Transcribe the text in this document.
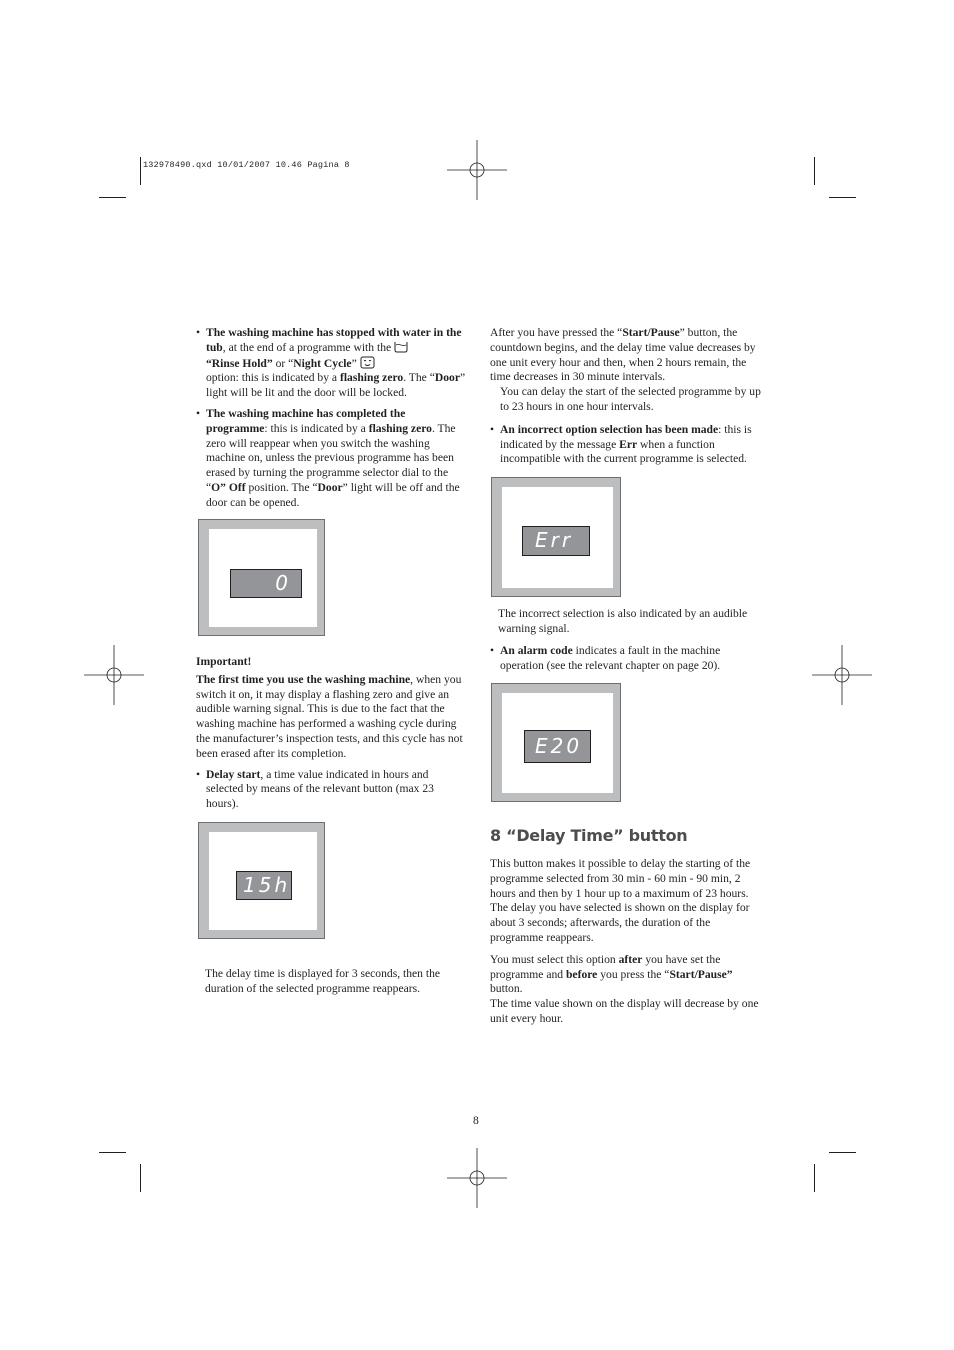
132978490.qxd 10/01/2007 10.46 Pagina 8
• The washing machine has stopped with water in the tub, at the end of a programme with the
“Rinse Hold” or “Night Cycle”
option: this is indicated by a flashing zero. The “Door” light will be lit and the door will be locked.
• The washing machine has completed the programme: this is indicated by a flashing zero. The zero will reappear when you switch the washing machine on, unless the previous programme has been erased by turning the programme selector dial to the “O” Off position. The “Door” light will be off and the door can be opened.
0

Important!

The first time you use the washing machine, when you switch it on, it may display a flashing zero and give an audible warning signal. This is due to the fact that the washing machine has performed a washing cycle during the manufacturer’s inspection tests, and this cycle has not been erased after its completion.

• Delay start, a time value indicated in hours and selected by means of the relevant button (max 23 hours).
15h

The delay time is displayed for 3 seconds, then the duration of the selected programme reappears.

After you have pressed the “Start/Pause” button, the countdown begins, and the delay time value decreases by one unit every hour and then, when 2 hours remain, the time decreases in 30 minute intervals.

You can delay the start of the selected programme by up to 23 hours in one hour intervals.

• An incorrect option selection has been made: this is indicated by the message Err when a function incompatible with the current programme is selected.
Err

The incorrect selection is also indicated by an audible warning signal.

• An alarm code indicates a fault in the machine operation (see the relevant chapter on page 20).
E20
8 “Delay Time” button

This button makes it possible to delay the starting of the programme selected from 30 min - 60 min - 90 min, 2 hours and then by 1 hour up to a maximum of 23 hours. The delay you have selected is shown on the display for about 3 seconds; afterwards, the duration of the programme reappears.

You must select this option after you have set the programme and before you press the “Start/Pause” button.

The time value shown on the display will decrease by one unit every hour.

8
